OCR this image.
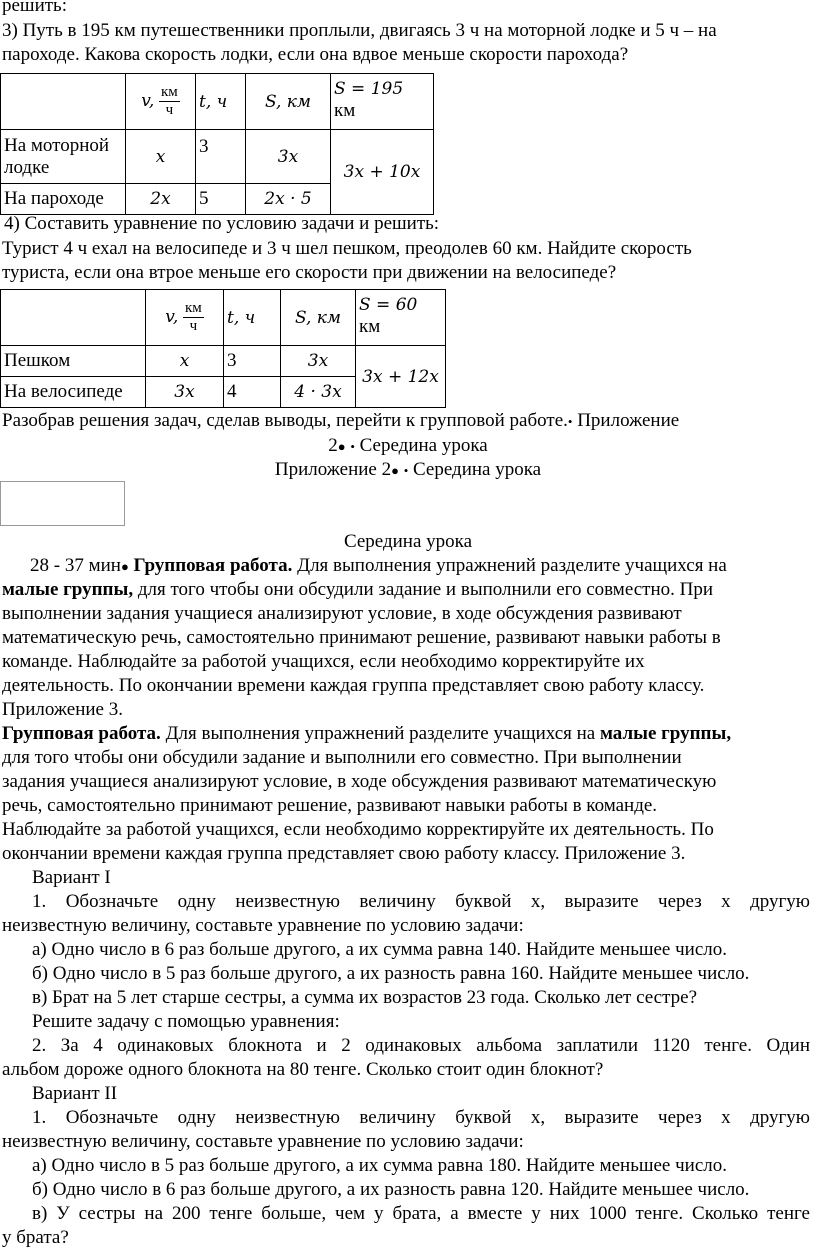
решить:
3) Путь в 195 км путешественники проплыли, двигаясь 3 ч на моторной лодке и 5 ч – на
пароходе. Какова скорость лодки, если она вдвое меньше скорости парохода?
	v, $\frac{км}{ч}$	t, ч	S, км	S = 195
км
На моторной лодке	x	3	3x	3x + 10x
На пароходе	2x	5	2x · 5	
4) Составить уравнение по условию задачи и решить:
Турист 4 ч ехал на велосипеде и 3 ч шел пешком, преодолев 60 км. Найдите скорость
туриста, если она втрое меньше его скорости при движении на велосипеде?
	v, $\frac{км}{ч}$	t, ч	S, км	S = 60
км
Пешком	x	3	3x	3x + 12x
На велосипеде	3x	4	4 · 3x	
Разобрав решения задач, сделав выводы, перейти к групповой работе.• Приложение
2● • Середина урока
Приложение 2● • Середина урока
Середина урока
28 - 37 мин● Групповая работа. Для выполнения упражнений разделите учащихся на
малые группы, для того чтобы они обсудили задание и выполнили его совместно. При
выполнении задания учащиеся анализируют условие, в ходе обсуждения развивают
математическую речь, самостоятельно принимают решение, развивают навыки работы в
команде. Наблюдайте за работой учащихся, если необходимо корректируйте их
деятельность. По окончании времени каждая группа представляет свою работу классу.
Приложение 3.
Групповая работа. Для выполнения упражнений разделите учащихся на малые группы,
для того чтобы они обсудили задание и выполнили его совместно. При выполнении
задания учащиеся анализируют условие, в ходе обсуждения развивают математическую
речь, самостоятельно принимают решение, развивают навыки работы в команде.
Наблюдайте за работой учащихся, если необходимо корректируйте их деятельность. По
окончании времени каждая группа представляет свою работу классу. Приложение 3.
Вариант I
1. Обозначьте одну неизвестную величину буквой х, выразите через х другую
неизвестную величину, составьте уравнение по условию задачи:
а) Одно число в 6 раз больше другого, а их сумма равна 140. Найдите меньшее число.
б) Одно число в 5 раз больше другого, а их разность равна 160. Найдите меньшее число.
в) Брат на 5 лет старше сестры, а сумма их возрастов 23 года. Сколько лет сестре?
Решите задачу с помощью уравнения:
2. За 4 одинаковых блокнота и 2 одинаковых альбома заплатили 1120 тенге. Один
альбом дороже одного блокнота на 80 тенге. Сколько стоит один блокнот?
Вариант II
1. Обозначьте одну неизвестную величину буквой х, выразите через х другую
неизвестную величину, составьте уравнение по условию задачи:
а) Одно число в 5 раз больше другого, а их сумма равна 180. Найдите меньшее число.
б) Одно число в 6 раз больше другого, а их разность равна 120. Найдите меньшее число.
в) У сестры на 200 тенге больше, чем у брата, а вместе у них 1000 тенге. Сколько тенге
у брата?
